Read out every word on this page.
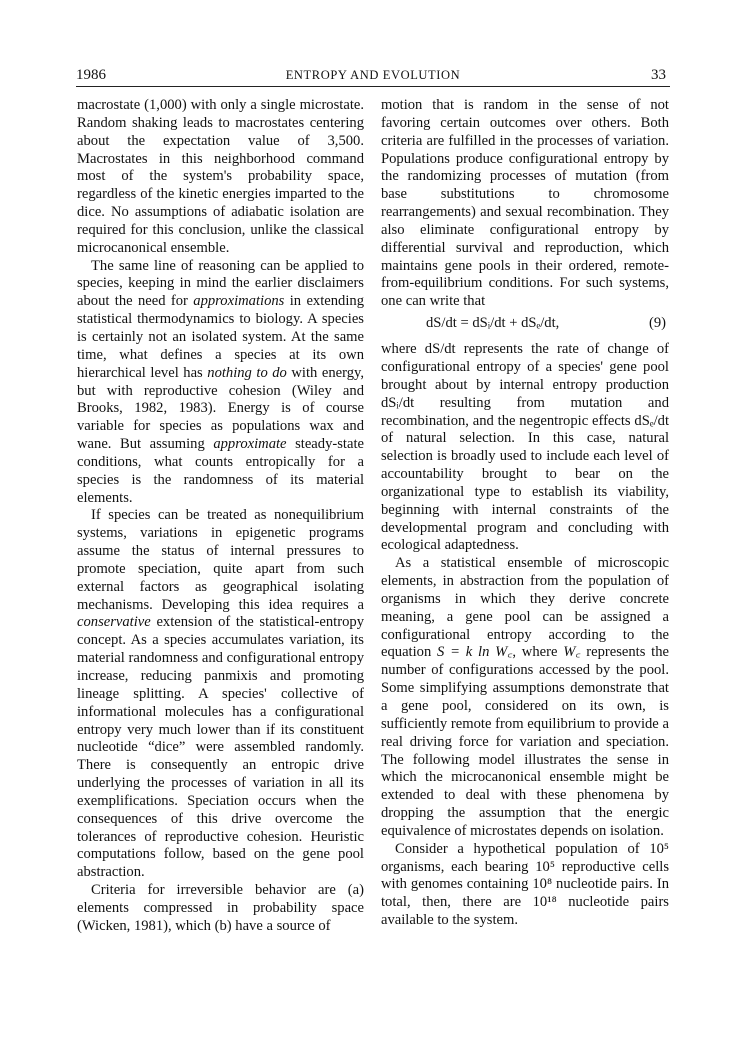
1986	ENTROPY AND EVOLUTION	33

macrostate (1,000) with only a single microstate. Random shaking leads to macrostates centering about the expectation value of 3,500. Macrostates in this neighborhood command most of the system's probability space, regardless of the kinetic energies imparted to the dice. No assumptions of adiabatic isolation are required for this conclusion, unlike the classical microcanonical ensemble.

The same line of reasoning can be applied to species, keeping in mind the earlier disclaimers about the need for approximations in extending statistical thermodynamics to biology. A species is certainly not an isolated system. At the same time, what defines a species at its own hierarchical level has nothing to do with energy, but with reproductive cohesion (Wiley and Brooks, 1982, 1983). Energy is of course variable for species as populations wax and wane. But assuming approximate steady-state conditions, what counts entropically for a species is the randomness of its material elements.

If species can be treated as nonequilibrium systems, variations in epigenetic programs assume the status of internal pressures to promote speciation, quite apart from such external factors as geographical isolating mechanisms. Developing this idea requires a conservative extension of the statistical-entropy concept. As a species accumulates variation, its material randomness and configurational entropy increase, reducing panmixis and promoting lineage splitting. A species' collective of informational molecules has a configurational entropy very much lower than if its constituent nucleotide “dice” were assembled randomly. There is consequently an entropic drive underlying the processes of variation in all its exemplifications. Speciation occurs when the consequences of this drive overcome the tolerances of reproductive cohesion. Heuristic computations follow, based on the gene pool abstraction.

Criteria for irreversible behavior are (a) elements compressed in probability space (Wicken, 1981), which (b) have a source of

motion that is random in the sense of not favoring certain outcomes over others. Both criteria are fulfilled in the processes of variation. Populations produce configurational entropy by the randomizing processes of mutation (from base substitutions to chromosome rearrangements) and sexual recombination. They also eliminate configurational entropy by differential survival and reproduction, which maintains gene pools in their ordered, remote-from-equilibrium conditions. For such systems, one can write that

dS/dt = dSᵢ/dt + dSₑ/dt,	(9)

where dS/dt represents the rate of change of configurational entropy of a species' gene pool brought about by internal entropy production dSᵢ/dt resulting from mutation and recombination, and the negentropic effects dSₑ/dt of natural selection. In this case, natural selection is broadly used to include each level of accountability brought to bear on the organizational type to establish its viability, beginning with internal constraints of the developmental program and concluding with ecological adaptedness.

As a statistical ensemble of microscopic elements, in abstraction from the population of organisms in which they derive concrete meaning, a gene pool can be assigned a configurational entropy according to the equation S = k ln W꜀, where W꜀ represents the number of configurations accessed by the pool. Some simplifying assumptions demonstrate that a gene pool, considered on its own, is sufficiently remote from equilibrium to provide a real driving force for variation and speciation. The following model illustrates the sense in which the microcanonical ensemble might be extended to deal with these phenomena by dropping the assumption that the energic equivalence of microstates depends on isolation.

Consider a hypothetical population of 10⁵ organisms, each bearing 10⁵ reproductive cells with genomes containing 10⁸ nucleotide pairs. In total, then, there are 10¹⁸ nucleotide pairs available to the system.
